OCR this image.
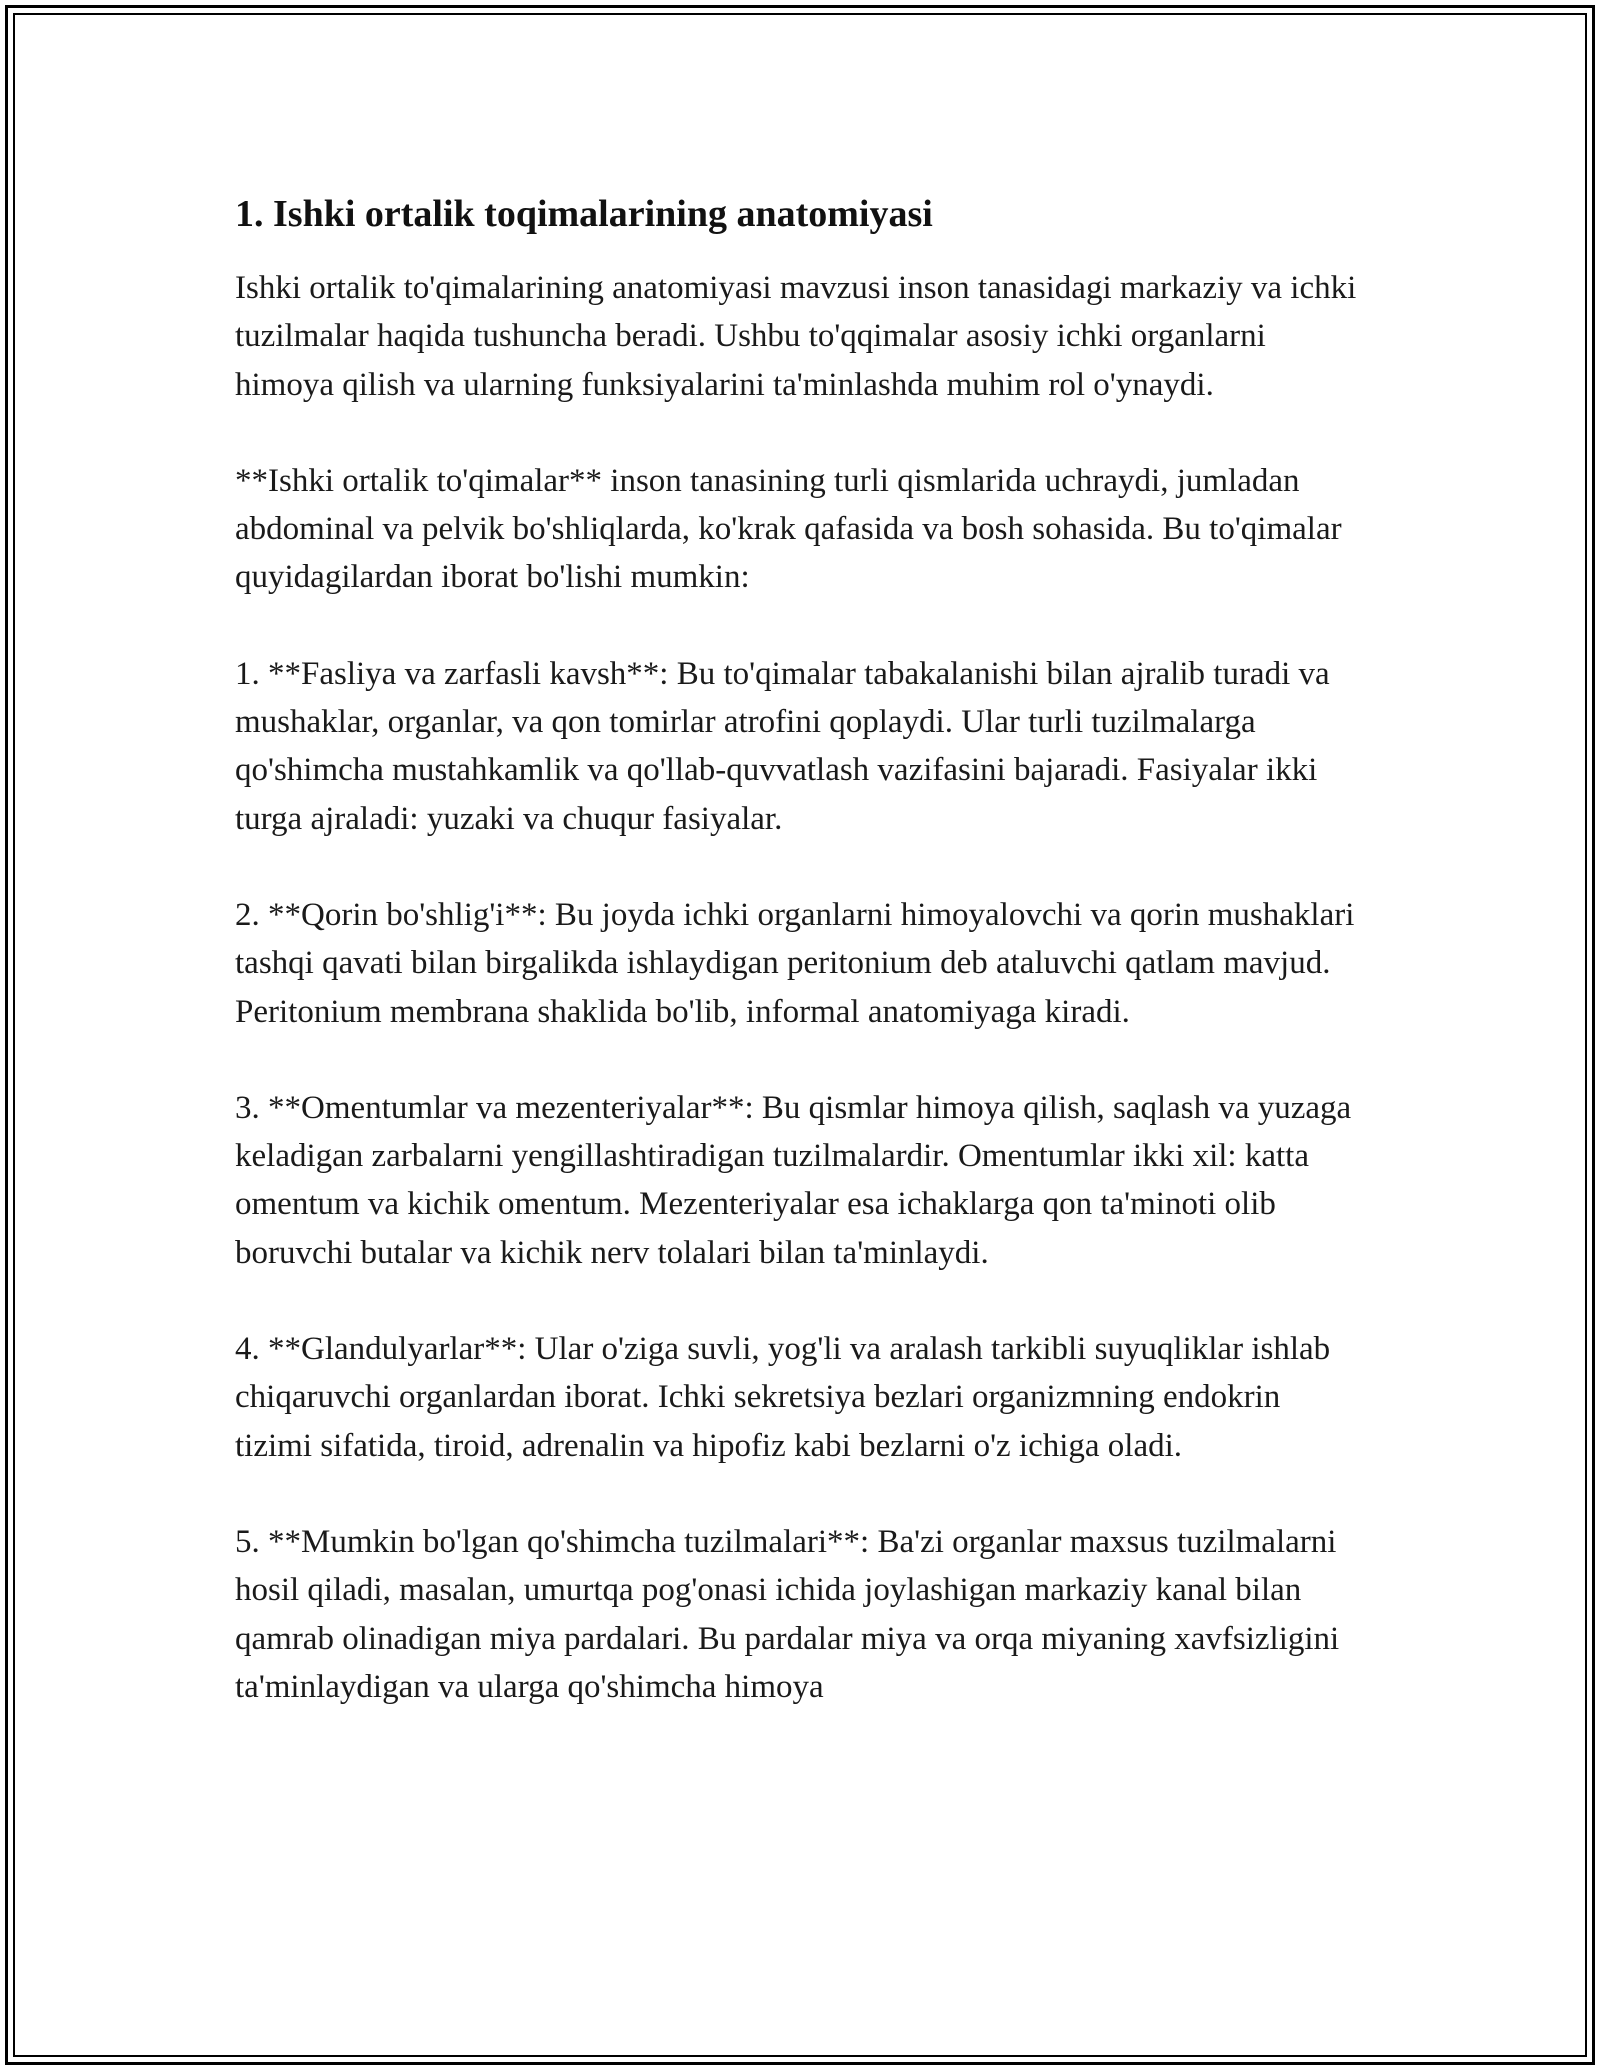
1. Ishki ortalik toqimalarining anatomiyasi

Ishki ortalik to'qimalarining anatomiyasi mavzusi inson tanasidagi markaziy va ichki tuzilmalar haqida tushuncha beradi. Ushbu to'qqimalar asosiy ichki organlarni himoya qilish va ularning funksiyalarini ta'minlashda muhim rol o'ynaydi.

**Ishki ortalik to'qimalar** inson tanasining turli qismlarida uchraydi, jumladan abdominal va pelvik bo'shliqlarda, ko'krak qafasida va bosh sohasida. Bu to'qimalar quyidagilardan iborat bo'lishi mumkin:

1. **Fasliya va zarfasli kavsh**: Bu to'qimalar tabakalanishi bilan ajralib turadi va mushaklar, organlar, va qon tomirlar atrofini qoplaydi. Ular turli tuzilmalarga qo'shimcha mustahkamlik va qo'llab-quvvatlash vazifasini bajaradi. Fasiyalar ikki turga ajraladi: yuzaki va chuqur fasiyalar.

2. **Qorin bo'shlig'i**: Bu joyda ichki organlarni himoyalovchi va qorin mushaklari tashqi qavati bilan birgalikda ishlaydigan peritonium deb ataluvchi qatlam mavjud. Peritonium membrana shaklida bo'lib, informal anatomiyaga kiradi.

3. **Omentumlar va mezenteriyalar**: Bu qismlar himoya qilish, saqlash va yuzaga keladigan zarbalarni yengillashtiradigan tuzilmalardir. Omentumlar ikki xil: katta omentum va kichik omentum. Mezenteriyalar esa ichaklarga qon ta'minoti olib boruvchi butalar va kichik nerv tolalari bilan ta'minlaydi.

4. **Glandulyarlar**: Ular o'ziga suvli, yog'li va aralash tarkibli suyuqliklar ishlab chiqaruvchi organlardan iborat. Ichki sekretsiya bezlari organizmning endokrin tizimi sifatida, tiroid, adrenalin va hipofiz kabi bezlarni o'z ichiga oladi.

5. **Mumkin bo'lgan qo'shimcha tuzilmalari**: Ba'zi organlar maxsus tuzilmalarni hosil qiladi, masalan, umurtqa pog'onasi ichida joylashigan markaziy kanal bilan qamrab olinadigan miya pardalari. Bu pardalar miya va orqa miyaning xavfsizligini ta'minlaydigan va ularga qo'shimcha himoya
